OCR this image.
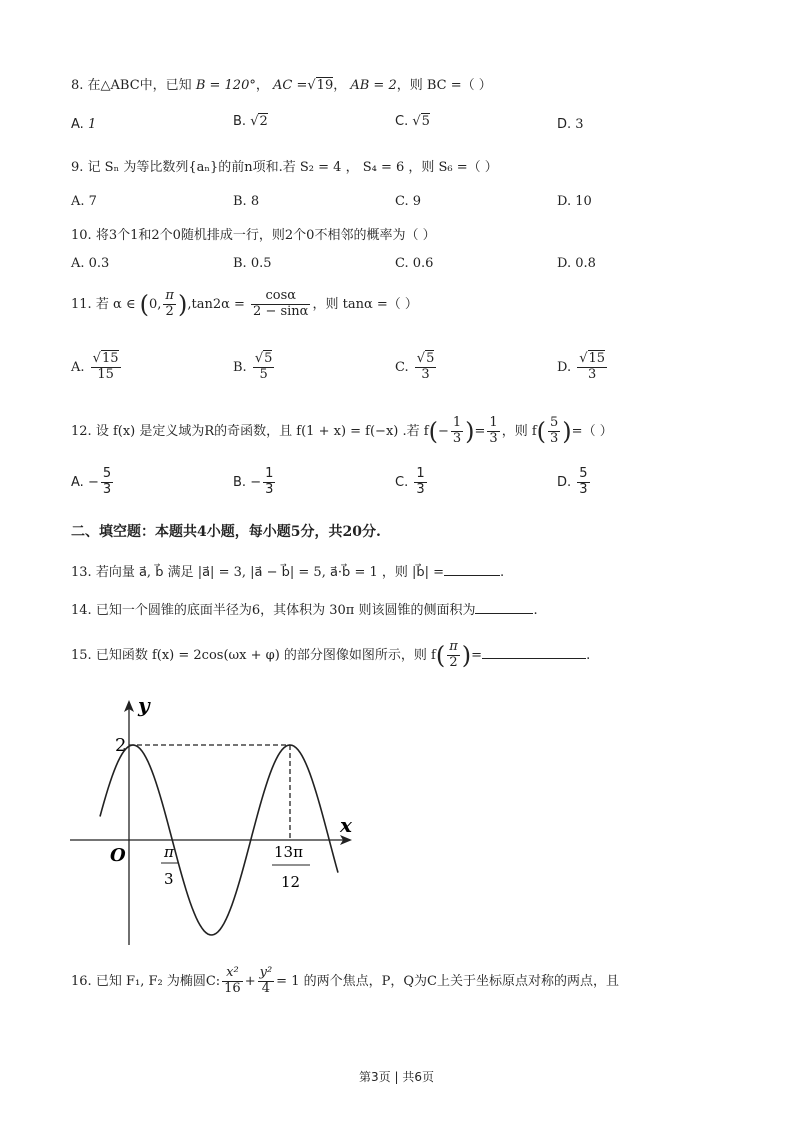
8. 在△ABC中，已知 B = 120°， AC =√19， AB = 2，则 BC =（ ）
A. 1	B. √2	C. √5	D. 3
9. 记 Sₙ 为等比数列{aₙ}的前n项和.若 S₂ = 4 ， S₄ = 6 ，则 S₆ =（ ）
A. 7	B. 8	C. 9	D. 10
10. 将3个1和2个0随机排成一行，则2个0不相邻的概率为（ ）
A. 0.3	B. 0.5	C. 0.6	D. 0.8
11. 若 α ∈ (0, $\frac{\pi}{2} ),\tan 2\alpha = \frac{\cos\alpha}{2 - \sin\alpha}$ ，则 tanα =（ ）
A. $\frac{√15}{15}$	B. $\frac{√5}{5}$	C. $\frac{√5}{3}$	D. $\frac{√15}{3}$
12. 设 f(x) 是定义域为R的奇函数，且 f(1 + x) = f(−x) .若 $f(- \frac{1}{3}$ )= $\frac{1}{3}$ ，则 $f( \frac{5}{3}$ )=（ ）
A. − $\frac{5}{3}$	B. − $\frac{1}{3}$	C. $\frac{1}{3}$	D. $\frac{5}{3}$
二、填空题：本题共4小题，每小题5分，共20分.
13. 若向量 a⃗, b⃗ 满足 |a⃗| = 3, |a⃗ − b⃗| = 5, a⃗·b⃗ = 1 ，则 |b⃗| =	.
14. 已知一个圆锥的底面半径为6，其体积为 30π 则该圆锥的侧面积为	.
15. 已知函数 f(x) = 2cos(ωx + φ) 的部分图像如图所示，则 $f( \frac{\pi}{2}$ )=	.
y
x
O
2
π
3
13π
12
16. 已知 F₁, F₂ 为椭圆C: $\frac{\text{x²}}{16} + \frac{\text{y²}}{4} = 1$ 的两个焦点，P，Q为C上关于坐标原点对称的两点，且
第3页 | 共6页
